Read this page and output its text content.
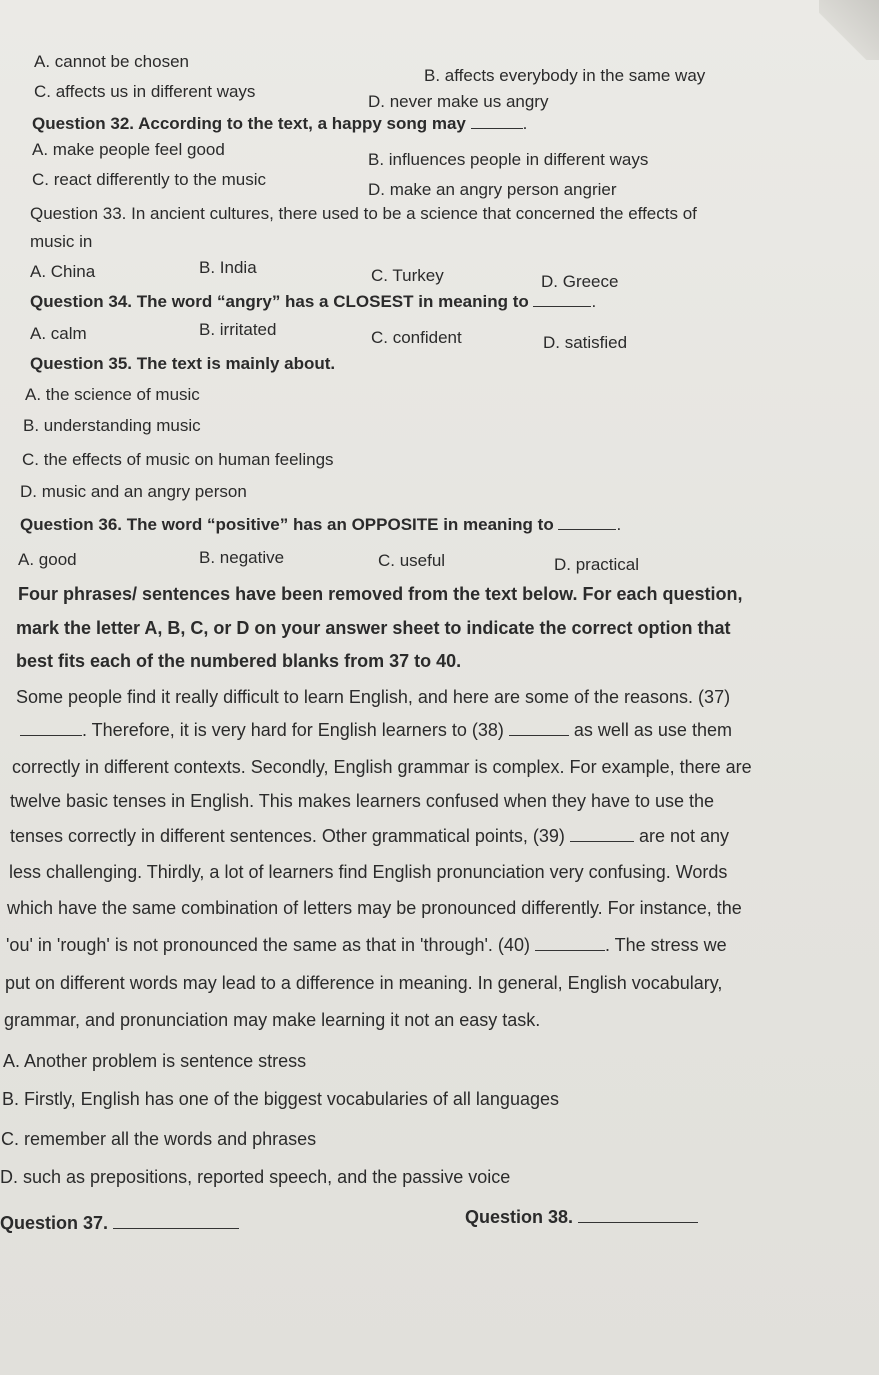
A. cannot be chosen
B. affects everybody in the same way
C. affects us in different ways
D. never make us angry
Question 32. According to the text, a happy song may	.
A. make people feel good
B. influences people in different ways
C. react differently to the music
D. make an angry person angrier
Question 33. In ancient cultures, there used to be a science that concerned the effects of
music in
A. China	B. India	C. Turkey	D. Greece
Question 34. The word “angry” has a CLOSEST in meaning to	.
A. calm	B. irritated	C. confident	D. satisfied
Question 35. The text is mainly about.
A. the science of music
B. understanding music
C. the effects of music on human feelings
D. music and an angry person
Question 36. The word “positive” has an OPPOSITE in meaning to	.
A. good	B. negative	C. useful	D. practical
Four phrases/ sentences have been removed from the text below. For each question,
mark the letter A, B, C, or D on your answer sheet to indicate the correct option that
best fits each of the numbered blanks from 37 to 40.
Some people find it really difficult to learn English, and here are some of the reasons. (37)
. Therefore, it is very hard for English learners to (38)	as well as use them
correctly in different contexts. Secondly, English grammar is complex. For example, there are
twelve basic tenses in English. This makes learners confused when they have to use the
tenses correctly in different sentences. Other grammatical points, (39)	are not any
less challenging. Thirdly, a lot of learners find English pronunciation very confusing. Words
which have the same combination of letters may be pronounced differently. For instance, the
'ou' in 'rough' is not pronounced the same as that in 'through'. (40)	. The stress we
put on different words may lead to a difference in meaning. In general, English vocabulary,
grammar, and pronunciation may make learning it not an easy task.
A. Another problem is sentence stress
B. Firstly, English has one of the biggest vocabularies of all languages
C. remember all the words and phrases
D. such as prepositions, reported speech, and the passive voice
Question 37.	Question 38.
